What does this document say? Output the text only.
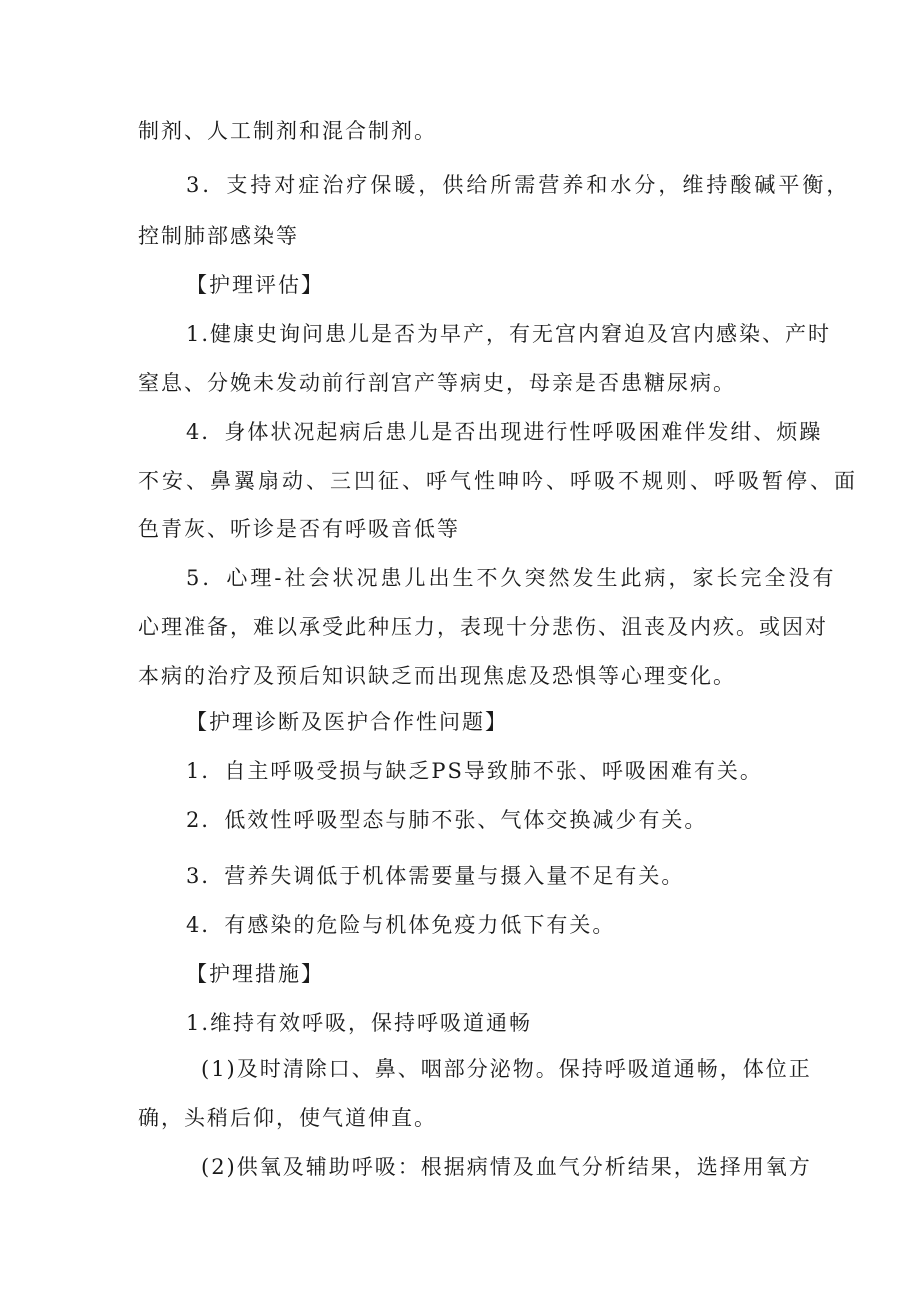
制剂、人工制剂和混合制剂。
3．支持对症治疗保暖，供给所需营养和水分，维持酸碱平衡，
控制肺部感染等
【护理评估】
1.健康史询问患儿是否为早产，有无宫内窘迫及宫内感染、产时
窒息、分娩未发动前行剖宫产等病史，母亲是否患糖尿病。
4．身体状况起病后患儿是否出现进行性呼吸困难伴发绀、烦躁
不安、鼻翼扇动、三凹征、呼气性呻吟、呼吸不规则、呼吸暂停、面
色青灰、听诊是否有呼吸音低等
5．心理-社会状况患儿出生不久突然发生此病，家长完全没有
心理准备，难以承受此种压力，表现十分悲伤、沮丧及内疚。或因对
本病的治疗及预后知识缺乏而出现焦虑及恐惧等心理变化。
【护理诊断及医护合作性问题】
1．自主呼吸受损与缺乏PS导致肺不张、呼吸困难有关。
2．低效性呼吸型态与肺不张、气体交换减少有关。
3．营养失调低于机体需要量与摄入量不足有关。
4．有感染的危险与机体免疫力低下有关。
【护理措施】
1.维持有效呼吸，保持呼吸道通畅
(1)及时清除口、鼻、咽部分泌物。保持呼吸道通畅，体位正
确，头稍后仰，使气道伸直。
(2)供氧及辅助呼吸：根据病情及血气分析结果，选择用氧方
